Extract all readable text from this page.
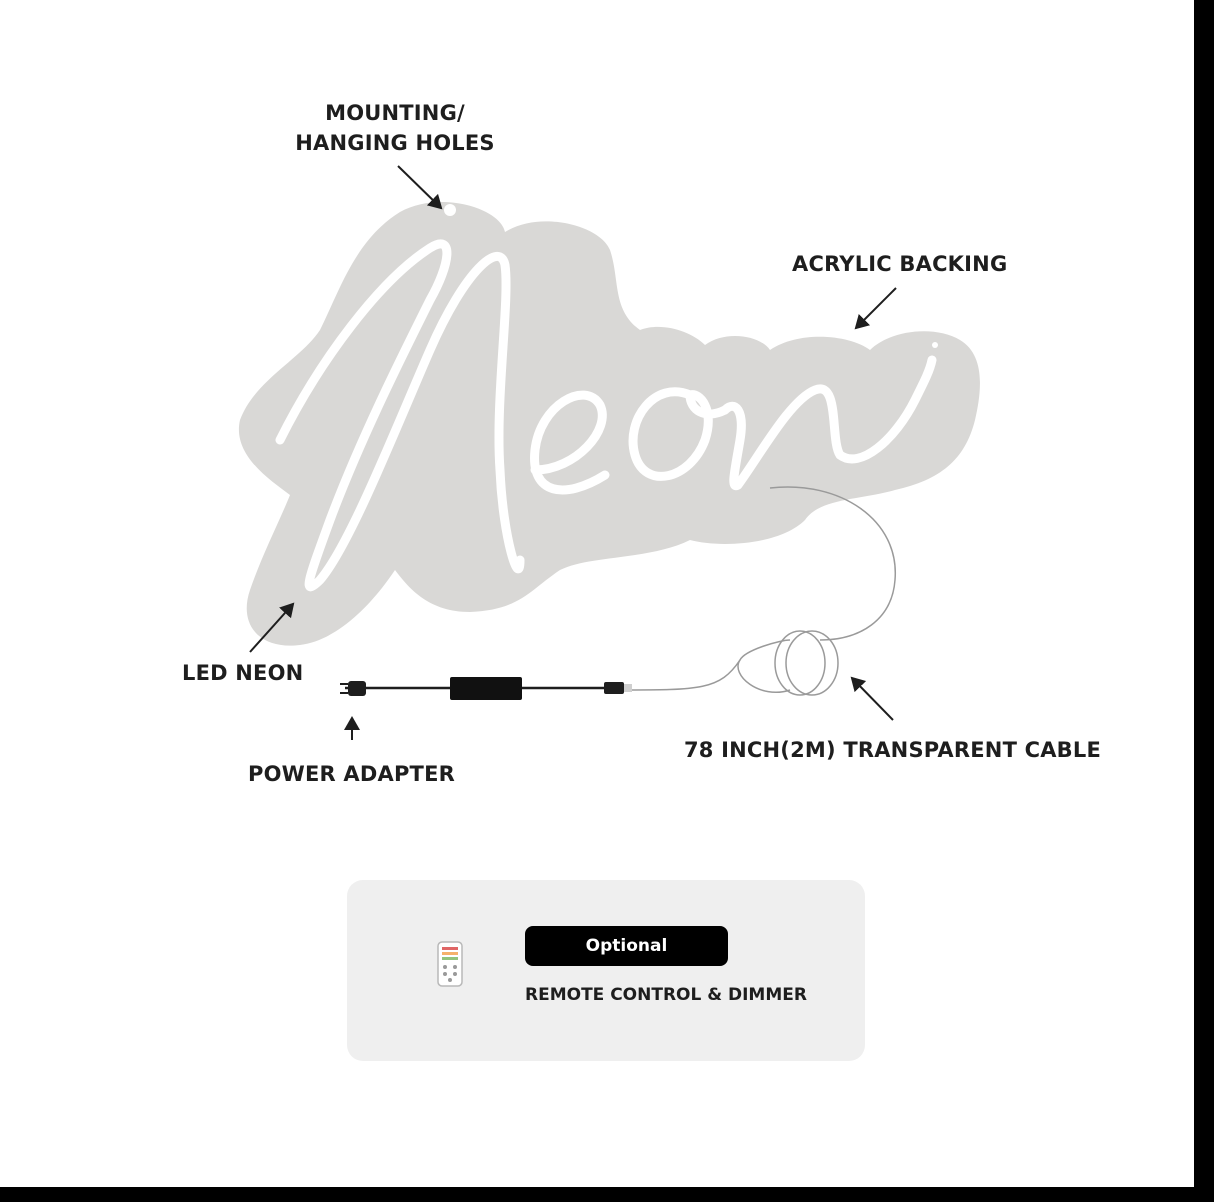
MOUNTING/
HANGING HOLES
ACRYLIC BACKING
LED NEON
POWER ADAPTER
78 INCH(2M) TRANSPARENT CABLE
Optional
REMOTE CONTROL & DIMMER
